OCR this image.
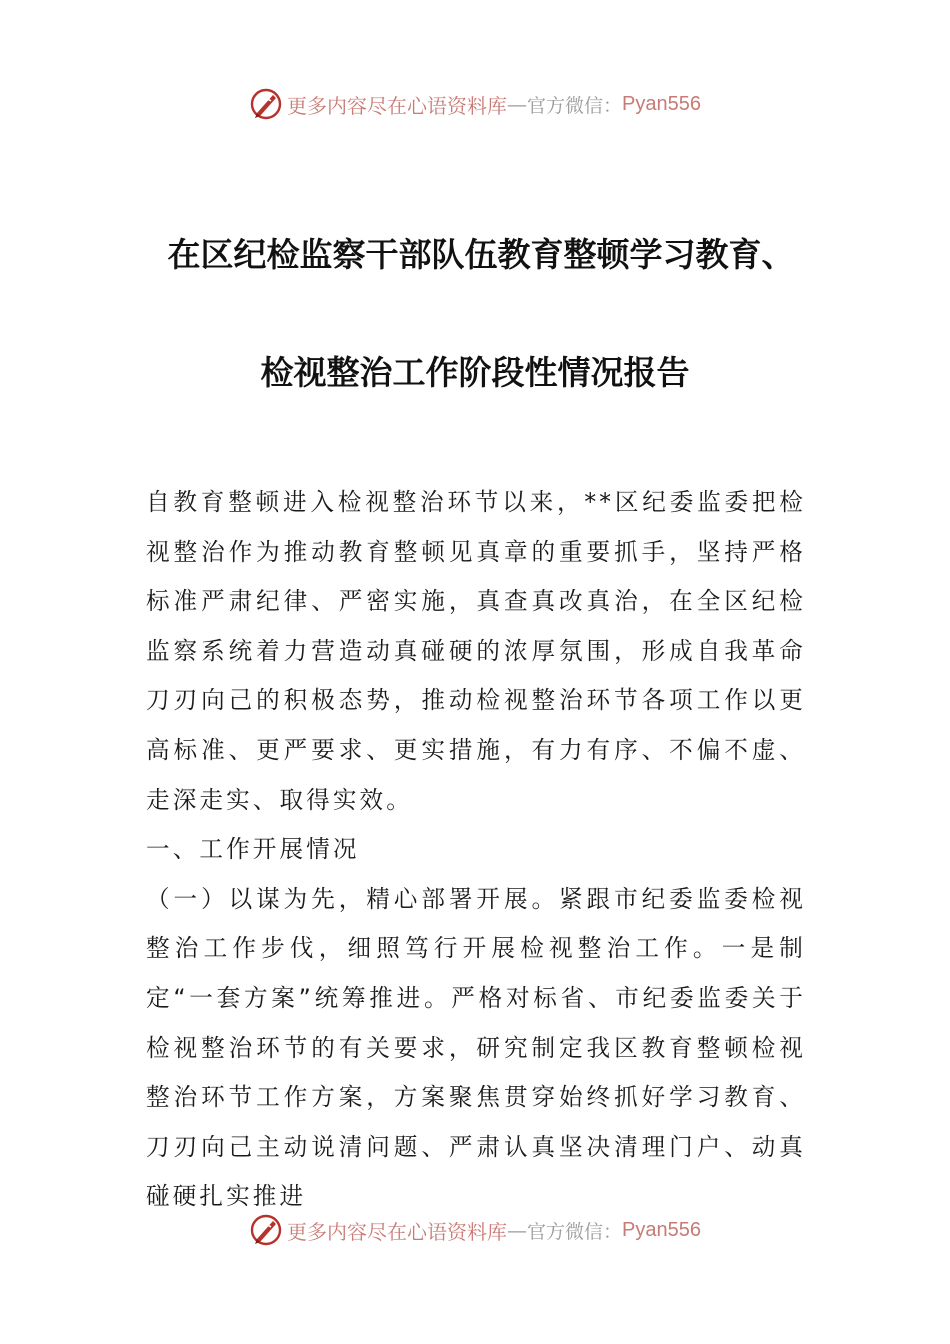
更多内容尽在心语资料库 — 官方微信： Pyan556
在区纪检监察干部队伍教育整顿学习教育、
检视整治工作阶段性情况报告

自教育整顿进入检视整治环节以来，**区纪委监委把检视整治作为推动教育整顿见真章的重要抓手，坚持严格标准严肃纪律、严密实施，真查真改真治，在全区纪检监察系统着力营造动真碰硬的浓厚氛围，形成自我革命刀刃向己的积极态势，推动检视整治环节各项工作以更高标准、更严要求、更实措施，有力有序、不偏不虚、走深走实、取得实效。

一、工作开展情况

（一）以谋为先，精心部署开展。紧跟市纪委监委检视整治工作步伐，细照笃行开展检视整治工作。一是制定“一套方案”统筹推进。严格对标省、市纪委监委关于检视整治环节的有关要求，研究制定我区教育整顿检视整治环节工作方案，方案聚焦贯穿始终抓好学习教育、刀刃向己主动说清问题、严肃认真坚决清理门户、动真碰硬扎实推进

更多内容尽在心语资料库 — 官方微信： Pyan556
